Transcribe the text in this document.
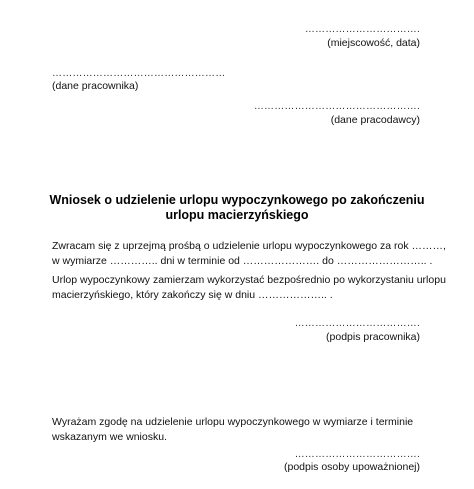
…………………………….
(miejscowość, data)
……………………………………………
(dane pracownika)
………………………………………….
(dane pracodawcy)
Wniosek o udzielenie urlopu wypoczynkowego po zakończeniu
urlopu macierzyńskiego
Zwracam się z uprzejmą prośbą o udzielenie urlopu wypoczynkowego za rok ………,
w wymiarze ………….. dni w terminie od …………………. do …………………….. .
Urlop wypoczynkowy zamierzam wykorzystać bezpośrednio po wykorzystaniu urlopu
macierzyńskiego, który zakończy się w dniu ……………….. .
……………………………….
(podpis pracownika)
Wyrażam zgodę na udzielenie urlopu wypoczynkowego w wymiarze i terminie
wskazanym we wniosku.
……………………………….
(podpis osoby upoważnionej)
